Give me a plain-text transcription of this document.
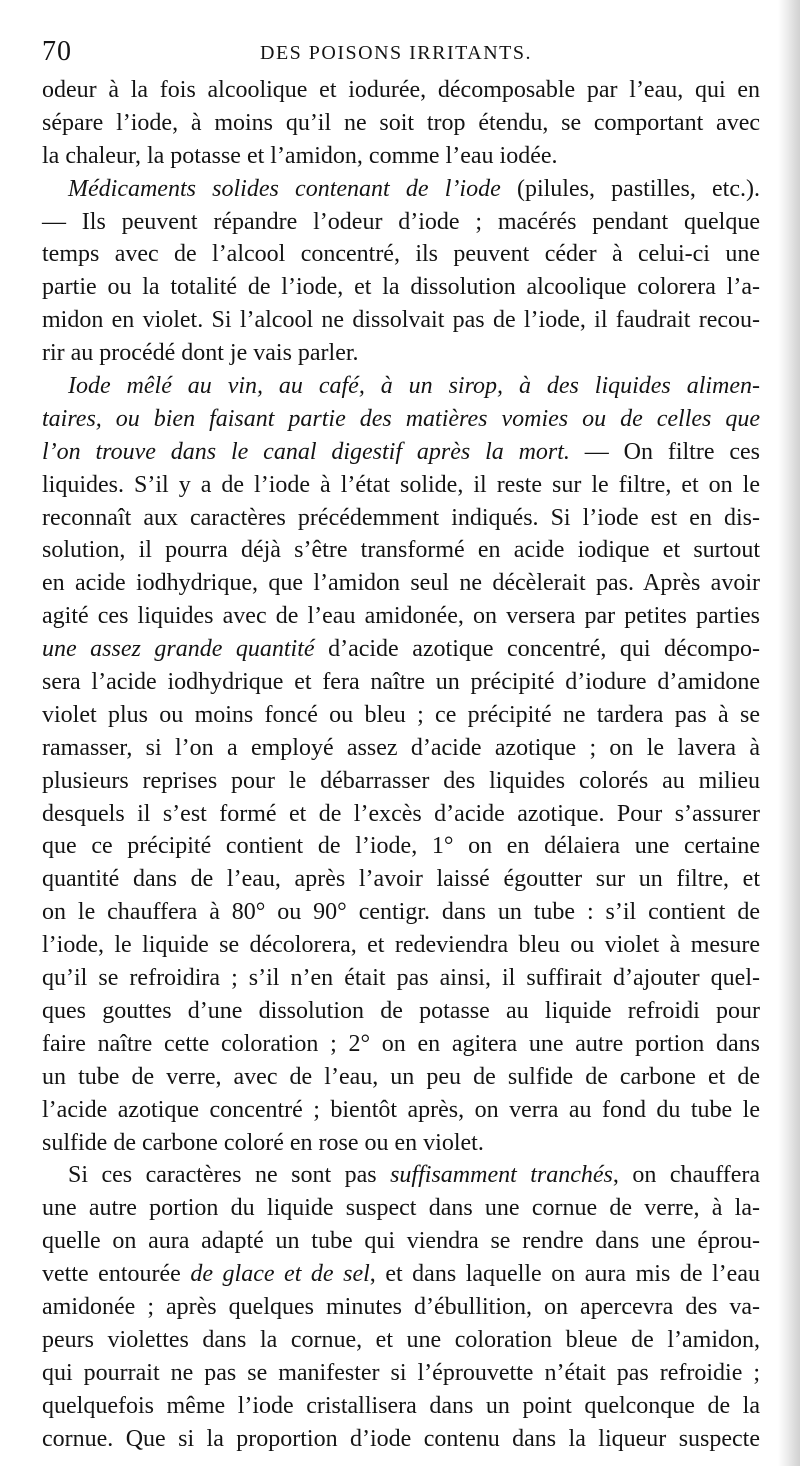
70	DES POISONS IRRITANTS.
odeur à la fois alcoolique et iodurée, décomposable par l’eau, qui en
sépare l’iode, à moins qu’il ne soit trop étendu, se comportant avec
la chaleur, la potasse et l’amidon, comme l’eau iodée.
Médicaments solides contenant de l’iode (pilules, pastilles, etc.).
— Ils peuvent répandre l’odeur d’iode ; macérés pendant quelque
temps avec de l’alcool concentré, ils peuvent céder à celui-ci une
partie ou la totalité de l’iode, et la dissolution alcoolique colorera l’a-
midon en violet. Si l’alcool ne dissolvait pas de l’iode, il faudrait recou-
rir au procédé dont je vais parler.
Iode mêlé au vin, au café, à un sirop, à des liquides alimen-
taires, ou bien faisant partie des matières vomies ou de celles que
l’on trouve dans le canal digestif après la mort. — On filtre ces
liquides. S’il y a de l’iode à l’état solide, il reste sur le filtre, et on le
reconnaît aux caractères précédemment indiqués. Si l’iode est en dis-
solution, il pourra déjà s’être transformé en acide iodique et surtout
en acide iodhydrique, que l’amidon seul ne décèlerait pas. Après avoir
agité ces liquides avec de l’eau amidonée, on versera par petites parties
une assez grande quantité d’acide azotique concentré, qui décompo-
sera l’acide iodhydrique et fera naître un précipité d’iodure d’amidone
violet plus ou moins foncé ou bleu ; ce précipité ne tardera pas à se
ramasser, si l’on a employé assez d’acide azotique ; on le lavera à
plusieurs reprises pour le débarrasser des liquides colorés au milieu
desquels il s’est formé et de l’excès d’acide azotique. Pour s’assurer
que ce précipité contient de l’iode, 1° on en délaiera une certaine
quantité dans de l’eau, après l’avoir laissé égoutter sur un filtre, et
on le chauffera à 80° ou 90° centigr. dans un tube : s’il contient de
l’iode, le liquide se décolorera, et redeviendra bleu ou violet à mesure
qu’il se refroidira ; s’il n’en était pas ainsi, il suffirait d’ajouter quel-
ques gouttes d’une dissolution de potasse au liquide refroidi pour
faire naître cette coloration ; 2° on en agitera une autre portion dans
un tube de verre, avec de l’eau, un peu de sulfide de carbone et de
l’acide azotique concentré ; bientôt après, on verra au fond du tube le
sulfide de carbone coloré en rose ou en violet.
Si ces caractères ne sont pas suffisamment tranchés, on chauffera
une autre portion du liquide suspect dans une cornue de verre, à la-
quelle on aura adapté un tube qui viendra se rendre dans une éprou-
vette entourée de glace et de sel, et dans laquelle on aura mis de l’eau
amidonée ; après quelques minutes d’ébullition, on apercevra des va-
peurs violettes dans la cornue, et une coloration bleue de l’amidon,
qui pourrait ne pas se manifester si l’éprouvette n’était pas refroidie ;
quelquefois même l’iode cristallisera dans un point quelconque de la
cornue. Que si la proportion d’iode contenu dans la liqueur suspecte
